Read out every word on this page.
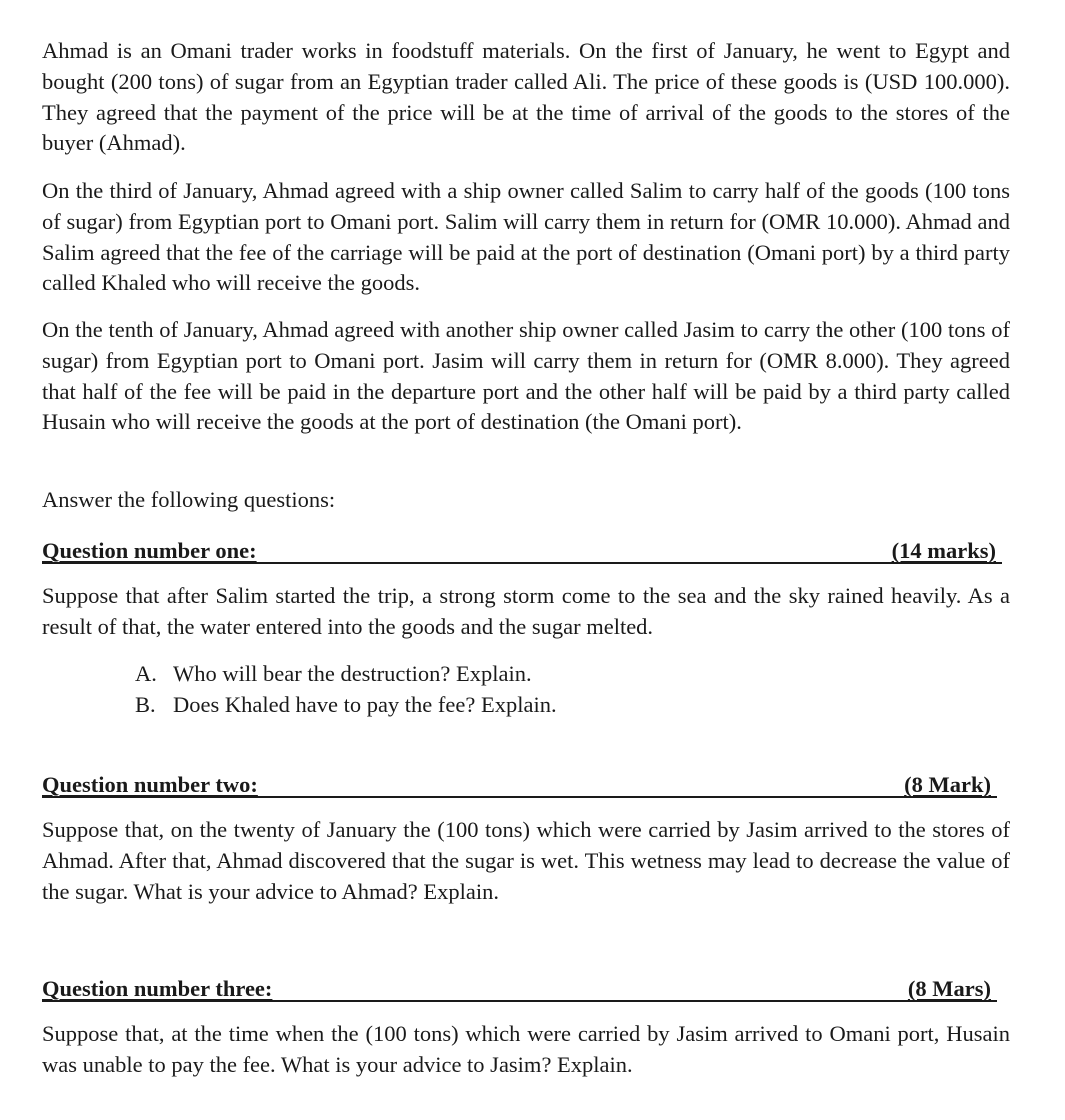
Ahmad is an Omani trader works in foodstuff materials. On the first of January, he went to Egypt and bought (200 tons) of sugar from an Egyptian trader called Ali. The price of these goods is (USD 100.000). They agreed that the payment of the price will be at the time of arrival of the goods to the stores of the buyer (Ahmad).

On the third of January, Ahmad agreed with a ship owner called Salim to carry half of the goods (100 tons of sugar) from Egyptian port to Omani port. Salim will carry them in return for (OMR 10.000). Ahmad and Salim agreed that the fee of the carriage will be paid at the port of destination (Omani port) by a third party called Khaled who will receive the goods.

On the tenth of January, Ahmad agreed with another ship owner called Jasim to carry the other (100 tons of sugar) from Egyptian port to Omani port. Jasim will carry them in return for (OMR 8.000). They agreed that half of the fee will be paid in the departure port and the other half will be paid by a third party called Husain who will receive the goods at the port of destination (the Omani port).

Answer the following questions:

Question number one:	(14 marks)

Suppose that after Salim started the trip, a strong storm come to the sea and the sky rained heavily. As a result of that, the water entered into the goods and the sugar melted.

A. Who will bear the destruction? Explain.
B. Does Khaled have to pay the fee? Explain.
Question number two:	(8 Mark)

Suppose that, on the twenty of January the (100 tons) which were carried by Jasim arrived to the stores of Ahmad. After that, Ahmad discovered that the sugar is wet. This wetness may lead to decrease the value of the sugar. What is your advice to Ahmad? Explain.

Question number three:	(8 Mars)

Suppose that, at the time when the (100 tons) which were carried by Jasim arrived to Omani port, Husain was unable to pay the fee. What is your advice to Jasim? Explain.
